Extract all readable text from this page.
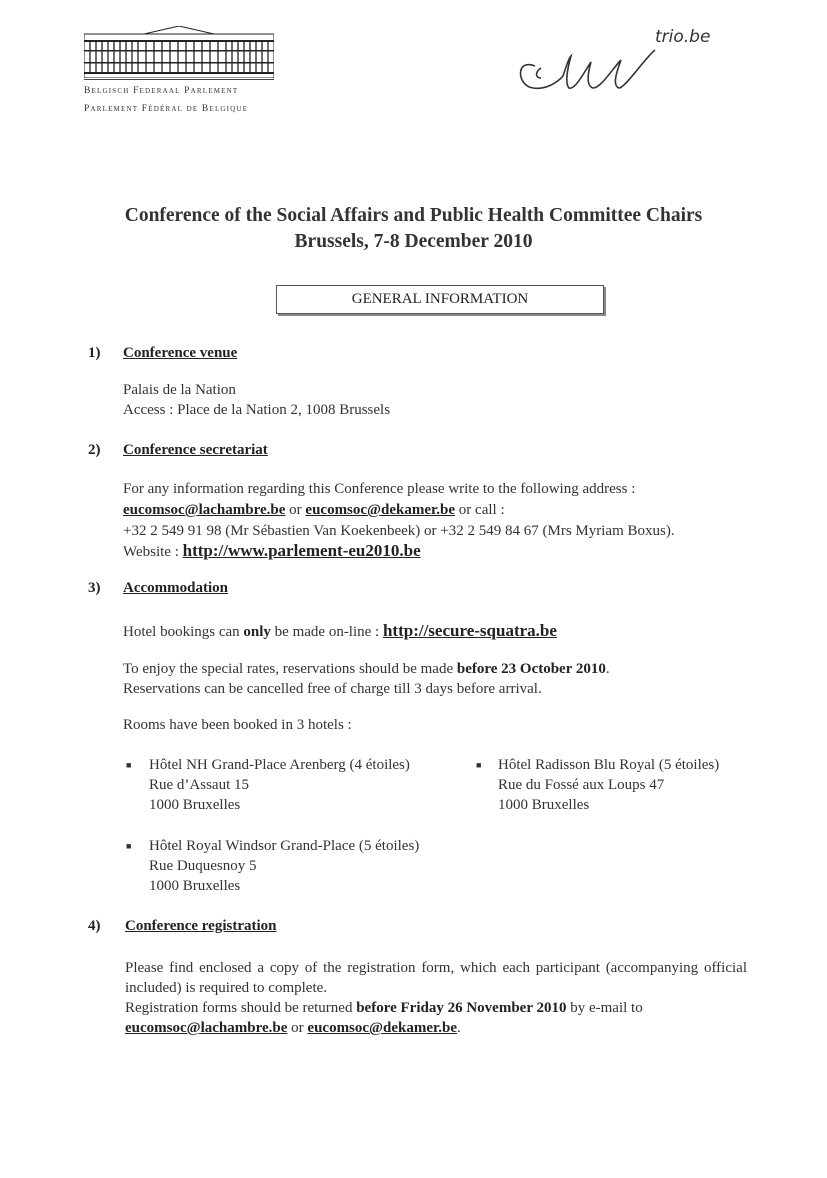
Belgisch Federaal Parlement
Parlement Fédéral de Belgique
trio.be
Conference of the Social Affairs and Public Health Committee Chairs
Brussels, 7-8 December 2010
GENERAL INFORMATION
1) Conference venue
Palais de la Nation
Access : Place de la Nation 2, 1008 Brussels
2) Conference secretariat
For any information regarding this Conference please write to the following address :
eucomsoc@lachambre.be or eucomsoc@dekamer.be or call :
+32 2 549 91 98 (Mr Sébastien Van Koekenbeek) or +32 2 549 84 67 (Mrs Myriam Boxus).
Website : http://www.parlement-eu2010.be
3) Accommodation
Hotel bookings can only be made on-line : http://secure-squatra.be
To enjoy the special rates, reservations should be made before 23 October 2010.
Reservations can be cancelled free of charge till 3 days before arrival.
Rooms have been booked in 3 hotels :
■ Hôtel NH Grand-Place Arenberg (4 étoiles)
Rue d’Assaut 15
1000 Bruxelles
■ Hôtel Radisson Blu Royal (5 étoiles)
Rue du Fossé aux Loups 47
1000 Bruxelles
■ Hôtel Royal Windsor Grand-Place (5 étoiles)
Rue Duquesnoy 5
1000 Bruxelles
4) Conference registration
Please find enclosed a copy of the registration form, which each participant (accompanying official included) is required to complete.
Registration forms should be returned before Friday 26 November 2010 by e-mail to
eucomsoc@lachambre.be or eucomsoc@dekamer.be.
